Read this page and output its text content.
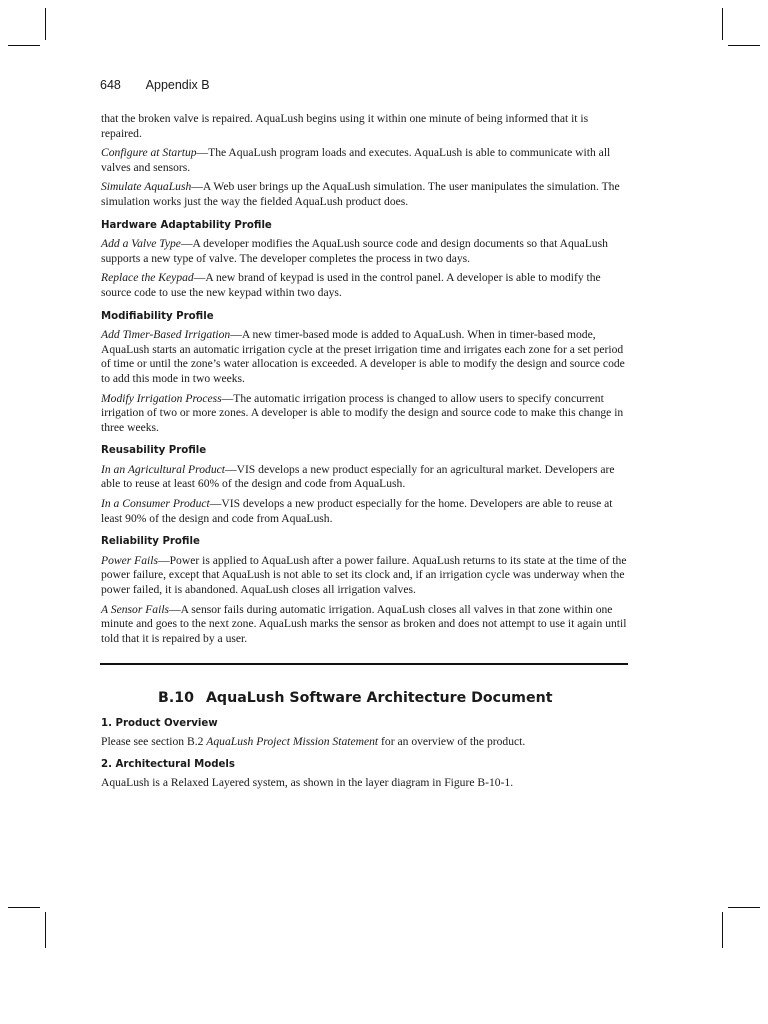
648 Appendix B

that the broken valve is repaired. AquaLush begins using it within one minute of being informed that it is repaired.

Configure at Startup—The AquaLush program loads and executes. AquaLush is able to communicate with all valves and sensors.

Simulate AquaLush—A Web user brings up the AquaLush simulation. The user manipulates the simulation. The simulation works just the way the fielded AquaLush product does.

Hardware Adaptability Profile

Add a Valve Type—A developer modifies the AquaLush source code and design documents so that AquaLush supports a new type of valve. The developer completes the process in two days.

Replace the Keypad—A new brand of keypad is used in the control panel. A developer is able to modify the source code to use the new keypad within two days.

Modifiability Profile

Add Timer-Based Irrigation—A new timer-based mode is added to AquaLush. When in timer-based mode, AquaLush starts an automatic irrigation cycle at the preset irrigation time and irrigates each zone for a set period of time or until the zone’s water allocation is exceeded. A developer is able to modify the design and source code to add this mode in two weeks.

Modify Irrigation Process—The automatic irrigation process is changed to allow users to specify concurrent irrigation of two or more zones. A developer is able to modify the design and source code to make this change in three weeks.

Reusability Profile

In an Agricultural Product—VIS develops a new product especially for an agricultural market. Developers are able to reuse at least 60% of the design and code from AquaLush.

In a Consumer Product—VIS develops a new product especially for the home. Developers are able to reuse at least 90% of the design and code from AquaLush.

Reliability Profile

Power Fails—Power is applied to AquaLush after a power failure. AquaLush returns to its state at the time of the power failure, except that AquaLush is not able to set its clock and, if an irrigation cycle was underway when the power failed, it is abandoned. AquaLush closes all irrigation valves.

A Sensor Fails—A sensor fails during automatic irrigation. AquaLush closes all valves in that zone within one minute and goes to the next zone. AquaLush marks the sensor as broken and does not attempt to use it again until told that it is repaired by a user.

B.10 AquaLush Software Architecture Document
1. Product Overview

Please see section B.2 AquaLush Project Mission Statement for an overview of the product.

2. Architectural Models

AquaLush is a Relaxed Layered system, as shown in the layer diagram in Figure B-10-1.
